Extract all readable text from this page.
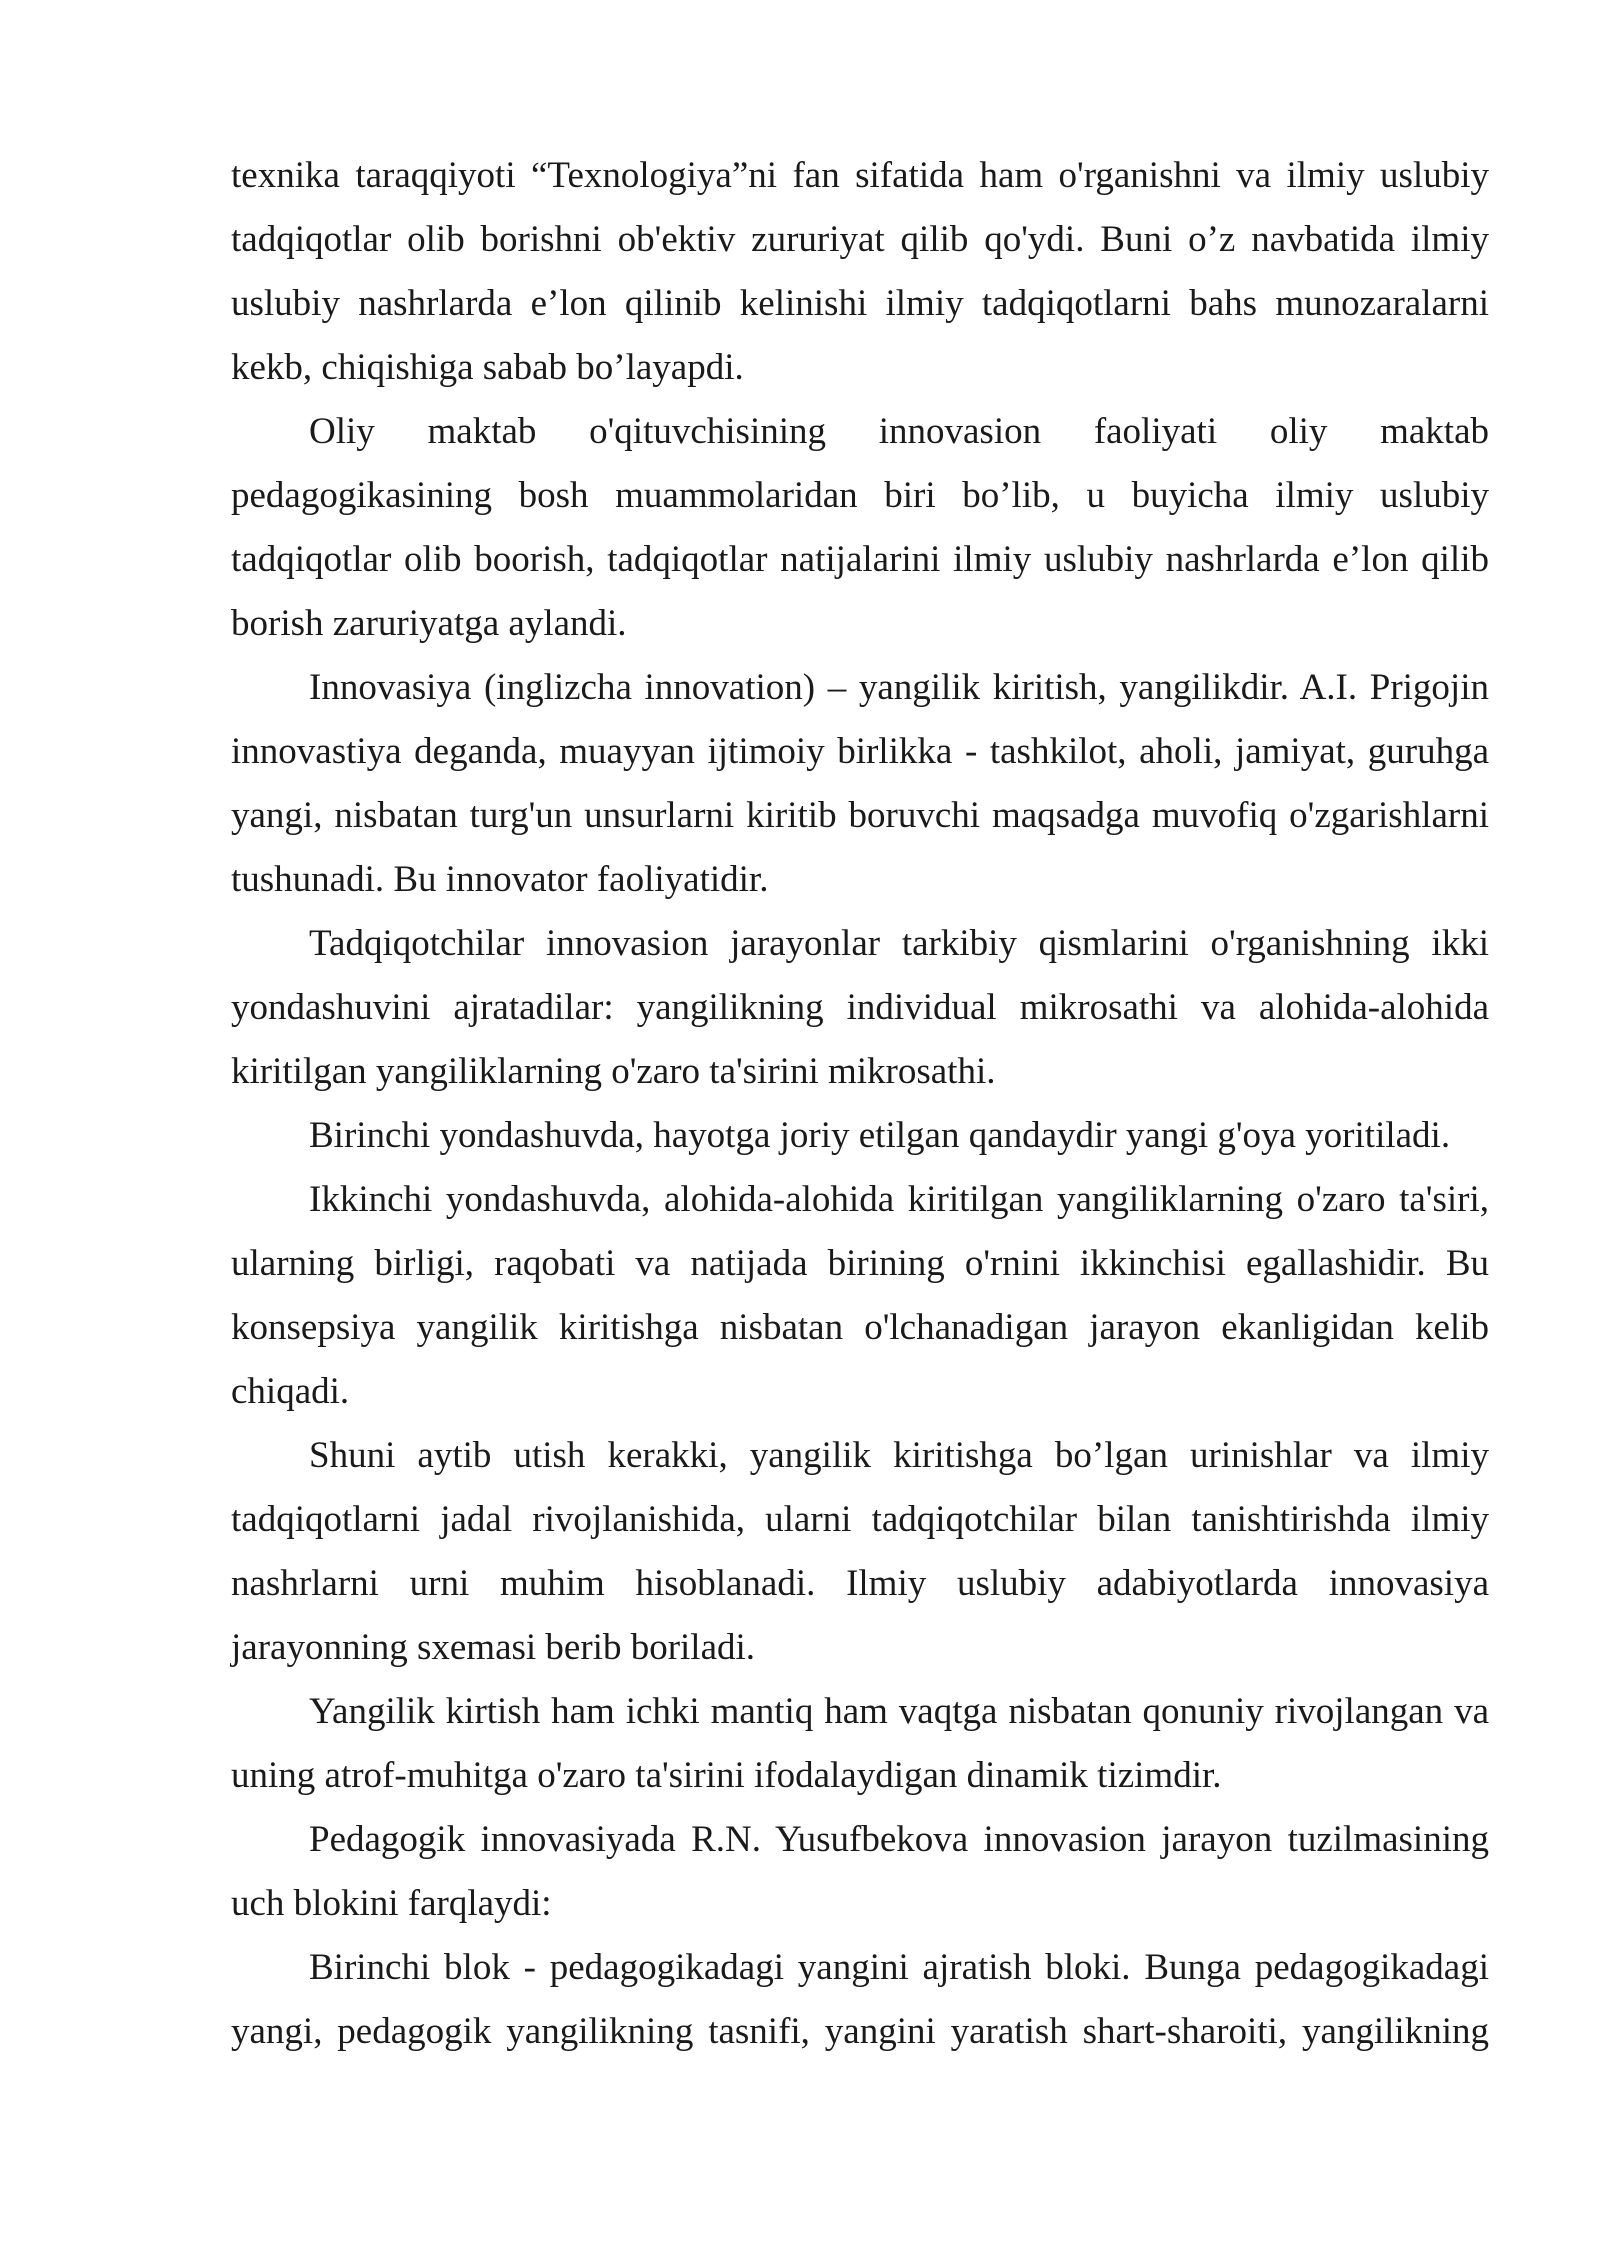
texnika taraqqiyoti “Texnologiya”ni fan sifatida ham o'rganishni va ilmiy uslubiy tadqiqotlar olib borishni ob'ektiv zururiyat qilib qo'ydi. Buni o’z navbatida ilmiy uslubiy nashrlarda e’lon qilinib kelinishi ilmiy tadqiqotlarni bahs munozaralarni kekb, chiqishiga sabab bo’layapdi.

Oliy maktab o'qituvchisining innovasion faoliyati oliy maktab pedagogikasining bosh muammolaridan biri bo’lib, u buyicha ilmiy uslubiy tadqiqotlar olib boorish, tadqiqotlar natijalarini ilmiy uslubiy nashrlarda e’lon qilib borish zaruriyatga aylandi.

Innovasiya (inglizcha innovation) – yangilik kiritish, yangilikdir. A.I. Prigojin innovastiya deganda, muayyan ijtimoiy birlikka - tashkilot, aholi, jamiyat, guruhga yangi, nisbatan turg'un unsurlarni kiritib boruvchi maqsadga muvofiq o'zgarishlarni tushunadi. Bu innovator faoliyatidir.

Tadqiqotchilar innovasion jarayonlar tarkibiy qismlarini o'rganishning ikki yondashuvini ajratadilar: yangilikning individual mikrosathi va alohida-alohida kiritilgan yangiliklarning o'zaro ta'sirini mikrosathi.

Birinchi yondashuvda, hayotga joriy etilgan qandaydir yangi g'oya yoritiladi.

Ikkinchi yondashuvda, alohida-alohida kiritilgan yangiliklarning o'zaro ta'siri, ularning birligi, raqobati va natijada birining o'rnini ikkinchisi egallashidir. Bu konsepsiya yangilik kiritishga nisbatan o'lchanadigan jarayon ekanligidan kelib chiqadi.

Shuni aytib utish kerakki, yangilik kiritishga bo’lgan urinishlar va ilmiy tadqiqotlarni jadal rivojlanishida, ularni tadqiqotchilar bilan tanishtirishda ilmiy nashrlarni urni muhim hisoblanadi. Ilmiy uslubiy adabiyotlarda innovasiya jarayonning sxemasi berib boriladi.

Yangilik kirtish ham ichki mantiq ham vaqtga nisbatan qonuniy rivojlangan va uning atrof-muhitga o'zaro ta'sirini ifodalaydigan dinamik tizimdir.

Pedagogik innovasiyada R.N. Yusufbekova innovasion jarayon tuzilmasining uch blokini farqlaydi:

Birinchi blok - pedagogikadagi yangini ajratish bloki. Bunga pedagogikadagi yangi, pedagogik yangilikning tasnifi, yangini yaratish shart-sharoiti, yangilikning
